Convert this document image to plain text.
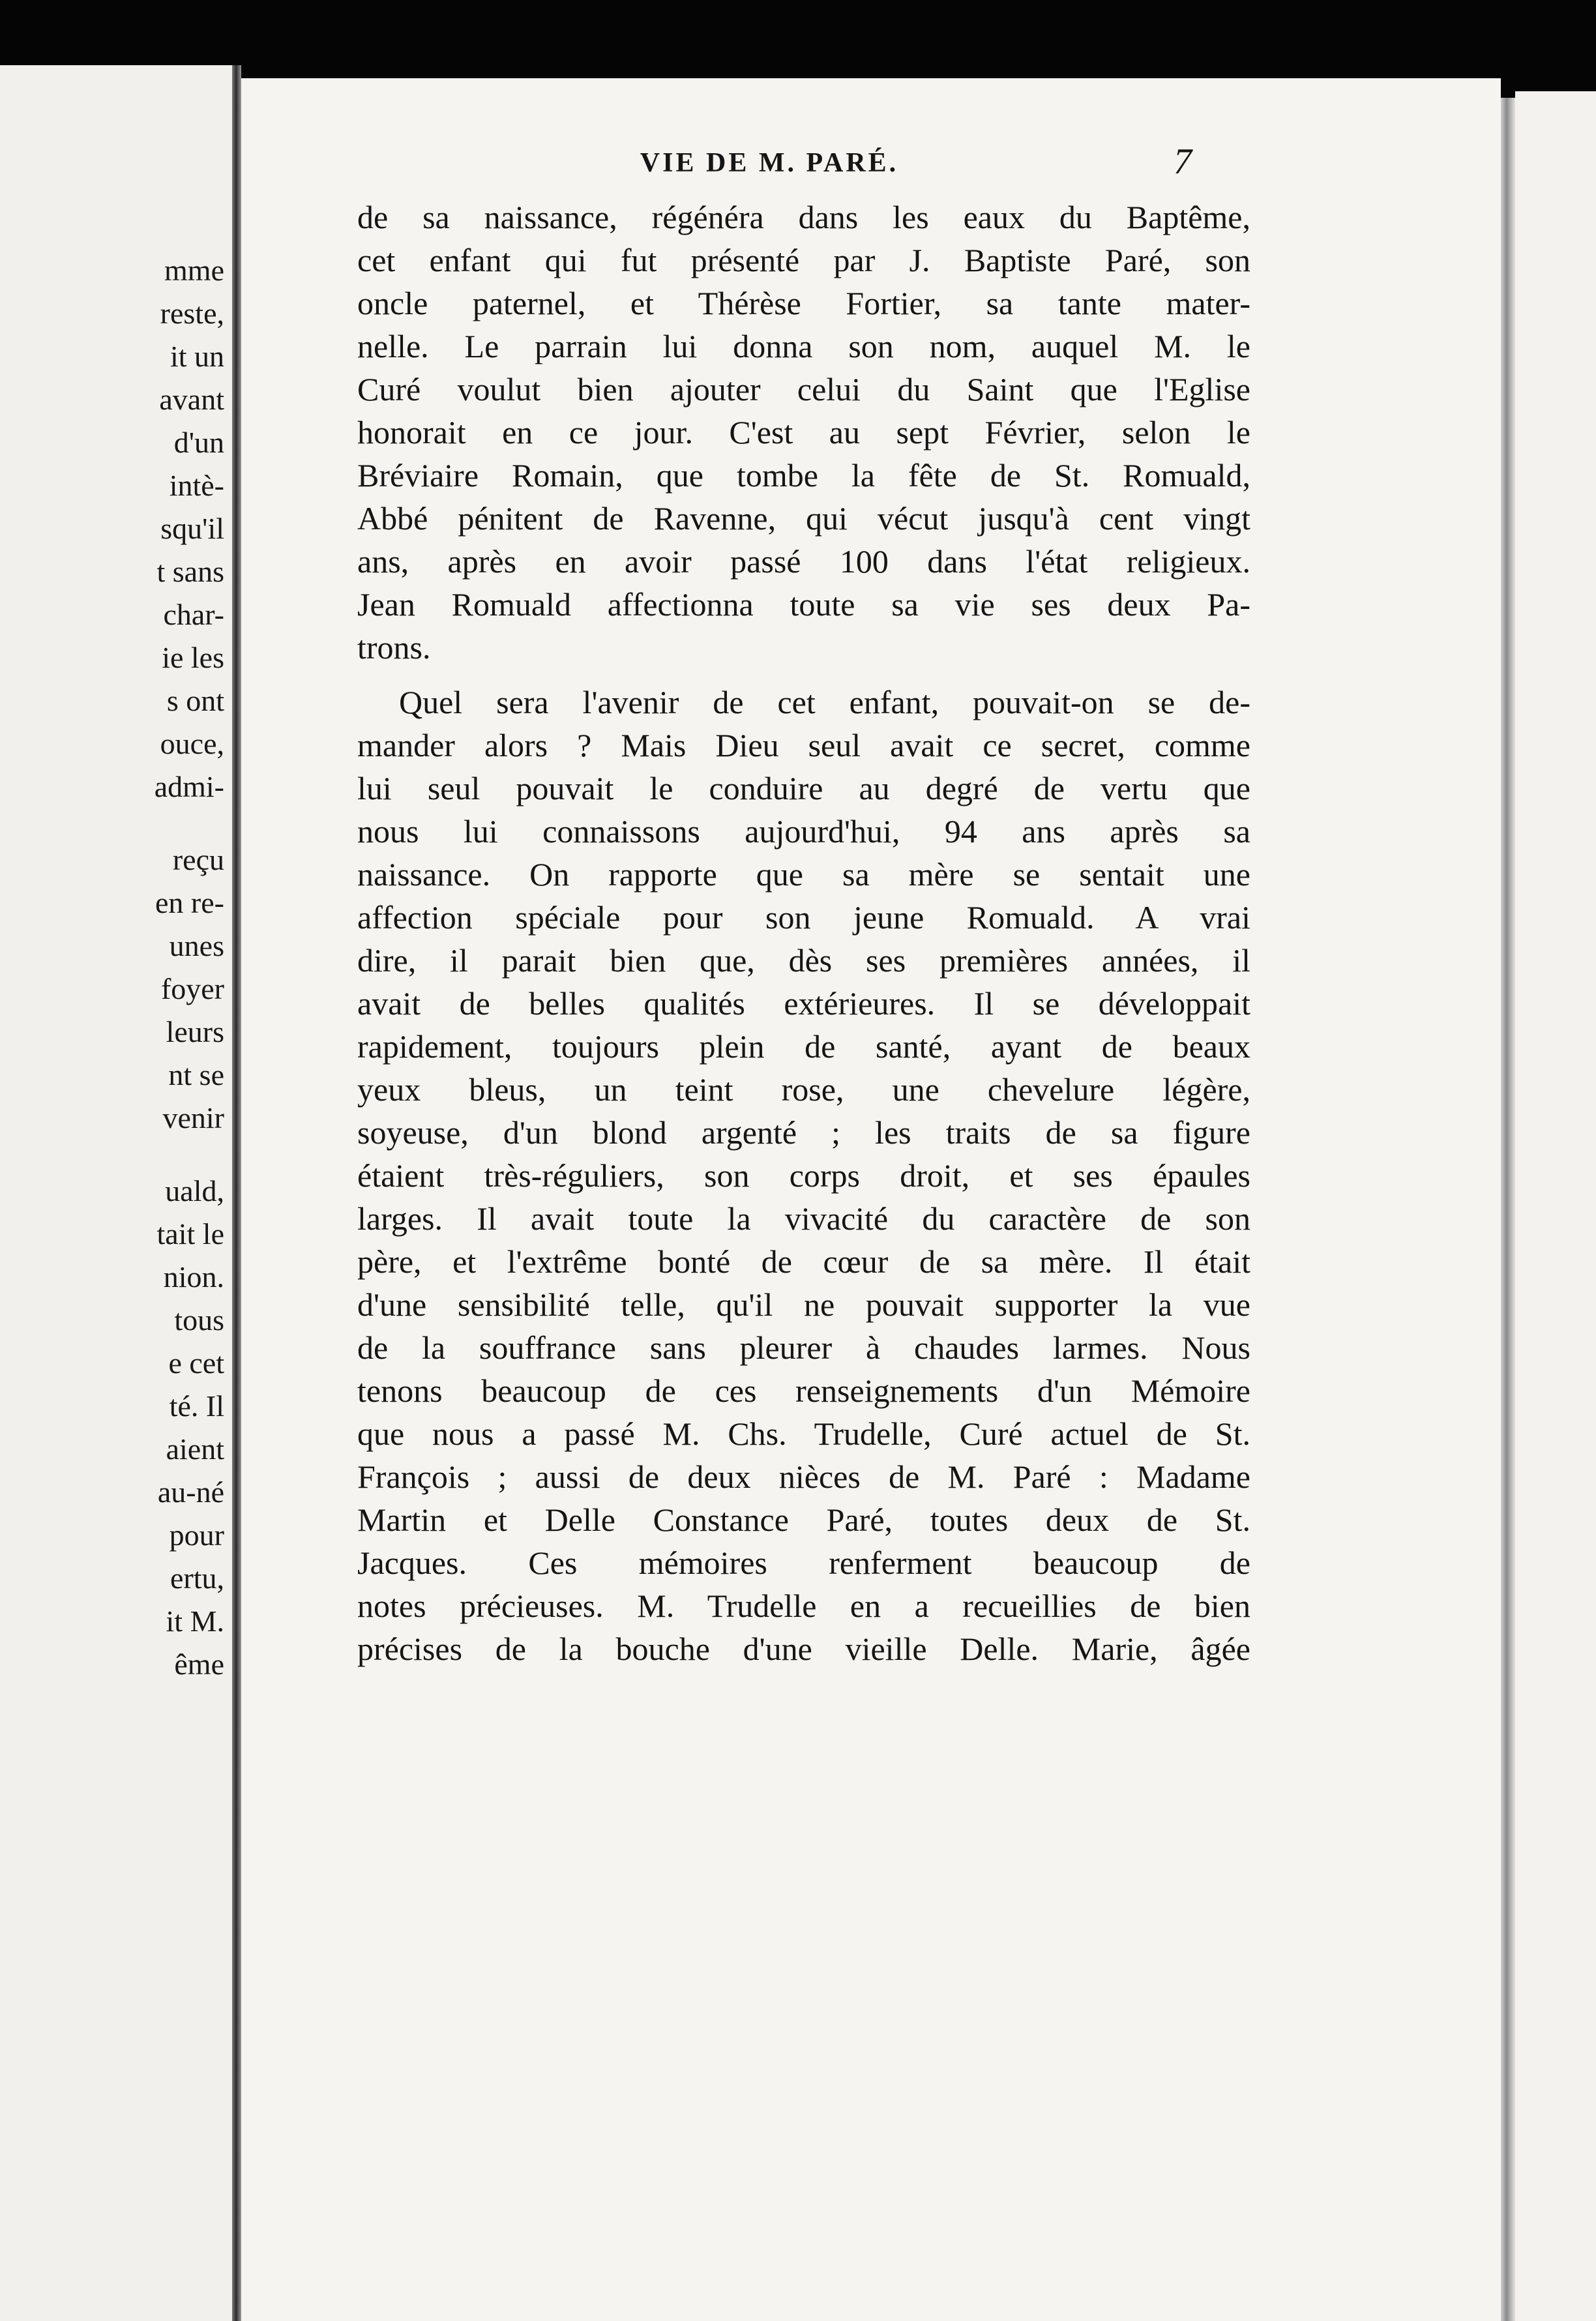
mme
reste,
it un
avant
d'un
intè-
squ'il
t sans
char-
ie les
s ont
ouce,
admi-
reçu
en re-
unes
foyer
leurs
nt se
venir
uald,
tait le
nion.
tous
e cet
té. Il
aient
au-né
pour
ertu,
it M.
ême
VIE DE M. PARÉ.	7
de sa naissance, régénéra dans les eaux du Baptême,
cet enfant qui fut présenté par J. Baptiste Paré, son
oncle paternel, et Thérèse Fortier, sa tante mater-
nelle. Le parrain lui donna son nom, auquel M. le
Curé voulut bien ajouter celui du Saint que l'Eglise
honorait en ce jour. C'est au sept Février, selon le
Bréviaire Romain, que tombe la fête de St. Romuald,
Abbé pénitent de Ravenne, qui vécut jusqu'à cent vingt
ans, après en avoir passé 100 dans l'état religieux.
Jean Romuald affectionna toute sa vie ses deux Pa-
trons.
Quel sera l'avenir de cet enfant, pouvait-on se de-
mander alors ? Mais Dieu seul avait ce secret, comme
lui seul pouvait le conduire au degré de vertu que
nous lui connaissons aujourd'hui, 94 ans après sa
naissance. On rapporte que sa mère se sentait une
affection spéciale pour son jeune Romuald. A vrai
dire, il parait bien que, dès ses premières années, il
avait de belles qualités extérieures. Il se développait
rapidement, toujours plein de santé, ayant de beaux
yeux bleus, un teint rose, une chevelure légère,
soyeuse, d'un blond argenté ; les traits de sa figure
étaient très-réguliers, son corps droit, et ses épaules
larges. Il avait toute la vivacité du caractère de son
père, et l'extrême bonté de cœur de sa mère. Il était
d'une sensibilité telle, qu'il ne pouvait supporter la vue
de la souffrance sans pleurer à chaudes larmes. Nous
tenons beaucoup de ces renseignements d'un Mémoire
que nous a passé M. Chs. Trudelle, Curé actuel de St.
François ; aussi de deux nièces de M. Paré : Madame
Martin et Delle Constance Paré, toutes deux de St.
Jacques. Ces mémoires renferment beaucoup de
notes précieuses. M. Trudelle en a recueillies de bien
précises de la bouche d'une vieille Delle. Marie, âgée
